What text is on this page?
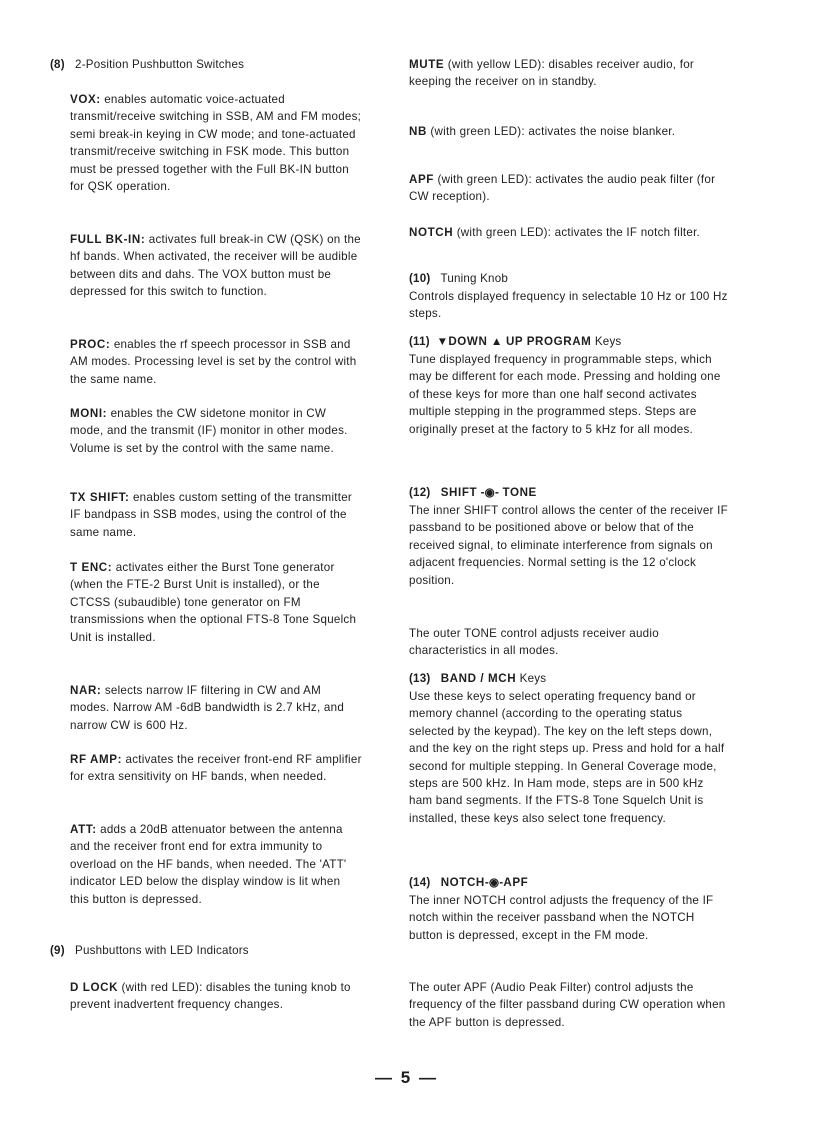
(8) 2-Position Pushbutton Switches

VOX: enables automatic voice-actuated transmit/receive switching in SSB, AM and FM modes; semi break-in keying in CW mode; and tone-actuated transmit/receive switching in FSK mode. This button must be pressed together with the Full BK-IN button for QSK operation.

FULL BK-IN: activates full break-in CW (QSK) on the hf bands. When activated, the receiver will be audible between dits and dahs. The VOX button must be depressed for this switch to function.

PROC: enables the rf speech processor in SSB and AM modes. Processing level is set by the control with the same name.

MONI: enables the CW sidetone monitor in CW mode, and the transmit (IF) monitor in other modes. Volume is set by the control with the same name.

TX SHIFT: enables custom setting of the transmitter IF bandpass in SSB modes, using the control of the same name.

T ENC: activates either the Burst Tone generator (when the FTE-2 Burst Unit is installed), or the CTCSS (subaudible) tone generator on FM transmissions when the optional FTS-8 Tone Squelch Unit is installed.

NAR: selects narrow IF filtering in CW and AM modes. Narrow AM -6dB bandwidth is 2.7 kHz, and narrow CW is 600 Hz.

RF AMP: activates the receiver front-end RF amplifier for extra sensitivity on HF bands, when needed.

ATT: adds a 20dB attenuator between the antenna and the receiver front end for extra immunity to overload on the HF bands, when needed. The 'ATT' indicator LED below the display window is lit when this button is depressed.

(9) Pushbuttons with LED Indicators

D LOCK (with red LED): disables the tuning knob to prevent inadvertent frequency changes.

MUTE (with yellow LED): disables receiver audio, for keeping the receiver on in standby.

NB (with green LED): activates the noise blanker.

APF (with green LED): activates the audio peak filter (for CW reception).

NOTCH (with green LED): activates the IF notch filter.

(10) Tuning Knob

Controls displayed frequency in selectable 10 Hz or 100 Hz steps.

(11) ▼DOWN ▲ UP PROGRAM Keys

Tune displayed frequency in programmable steps, which may be different for each mode. Pressing and holding one of these keys for more than one half second activates multiple stepping in the programmed steps. Steps are originally preset at the factory to 5 kHz for all modes.

(12) SHIFT -◉- TONE

The inner SHIFT control allows the center of the receiver IF passband to be positioned above or below that of the received signal, to eliminate interference from signals on adjacent frequencies. Normal setting is the 12 o'clock position.

The outer TONE control adjusts receiver audio characteristics in all modes.

(13) BAND / MCH Keys

Use these keys to select operating frequency band or memory channel (according to the operating status selected by the keypad). The key on the left steps down, and the key on the right steps up. Press and hold for a half second for multiple stepping. In General Coverage mode, steps are 500 kHz. In Ham mode, steps are in 500 kHz ham band segments. If the FTS-8 Tone Squelch Unit is installed, these keys also select tone frequency.

(14) NOTCH-◉-APF

The inner NOTCH control adjusts the frequency of the IF notch within the receiver passband when the NOTCH button is depressed, except in the FM mode.

The outer APF (Audio Peak Filter) control adjusts the frequency of the filter passband during CW operation when the APF button is depressed.

— 5 —
